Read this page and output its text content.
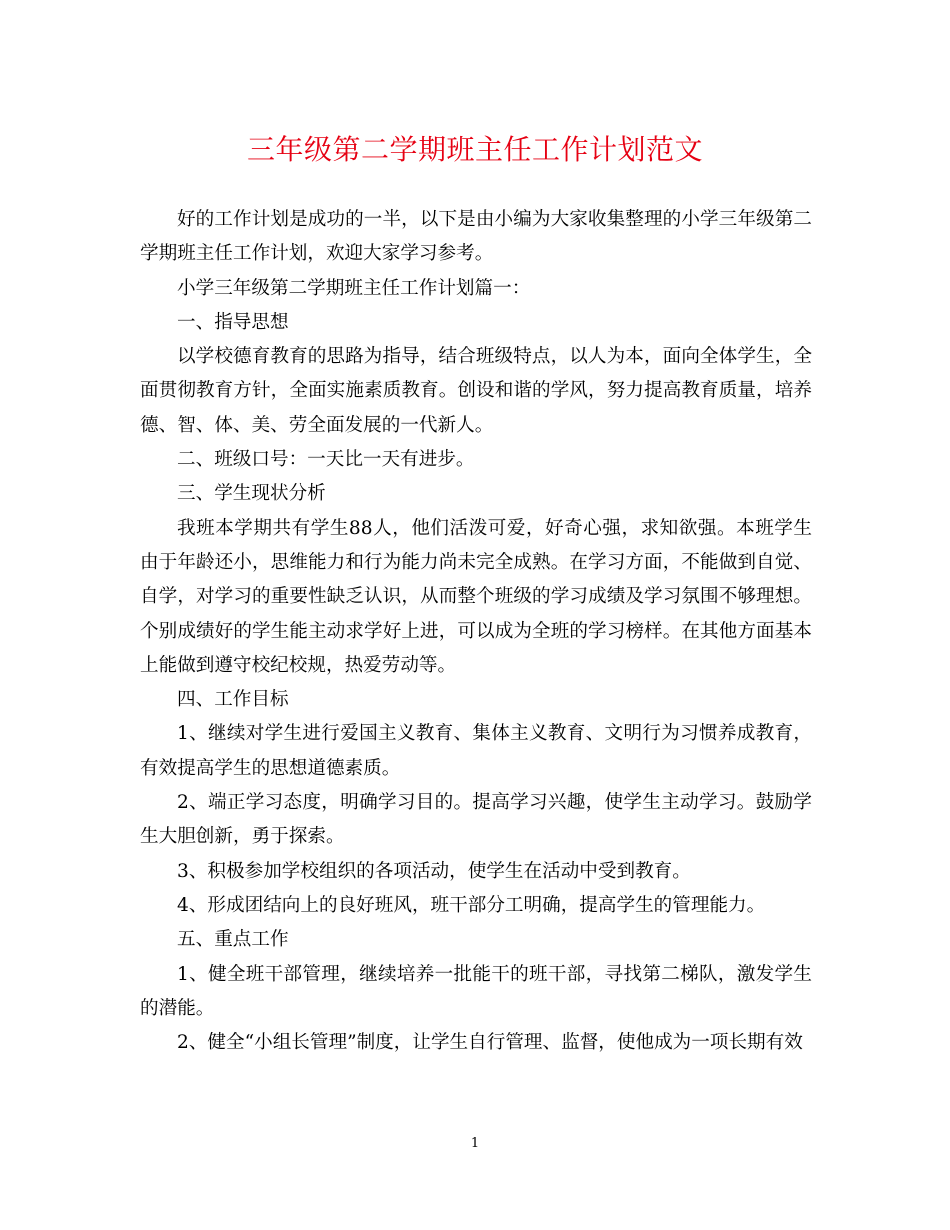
三年级第二学期班主任工作计划范文

好的工作计划是成功的一半，以下是由小编为大家收集整理的小学三年级第二学期班主任工作计划，欢迎大家学习参考。

小学三年级第二学期班主任工作计划篇一：

一、指导思想

以学校德育教育的思路为指导，结合班级特点，以人为本，面向全体学生，全面贯彻教育方针，全面实施素质教育。创设和谐的学风，努力提高教育质量，培养德、智、体、美、劳全面发展的一代新人。

二、班级口号：一天比一天有进步。

三、学生现状分析

我班本学期共有学生88人，他们活泼可爱，好奇心强，求知欲强。本班学生由于年龄还小，思维能力和行为能力尚未完全成熟。在学习方面，不能做到自觉、自学，对学习的重要性缺乏认识，从而整个班级的学习成绩及学习氛围不够理想。个别成绩好的学生能主动求学好上进，可以成为全班的学习榜样。在其他方面基本上能做到遵守校纪校规，热爱劳动等。

四、工作目标

1、继续对学生进行爱国主义教育、集体主义教育、文明行为习惯养成教育，有效提高学生的思想道德素质。

2、端正学习态度，明确学习目的。提高学习兴趣，使学生主动学习。鼓励学生大胆创新，勇于探索。

3、积极参加学校组织的各项活动，使学生在活动中受到教育。

4、形成团结向上的良好班风，班干部分工明确，提高学生的管理能力。

五、重点工作

1、健全班干部管理，继续培养一批能干的班干部，寻找第二梯队，激发学生的潜能。

2、健全“小组长管理”制度，让学生自行管理、监督，使他成为一项长期有效

1
